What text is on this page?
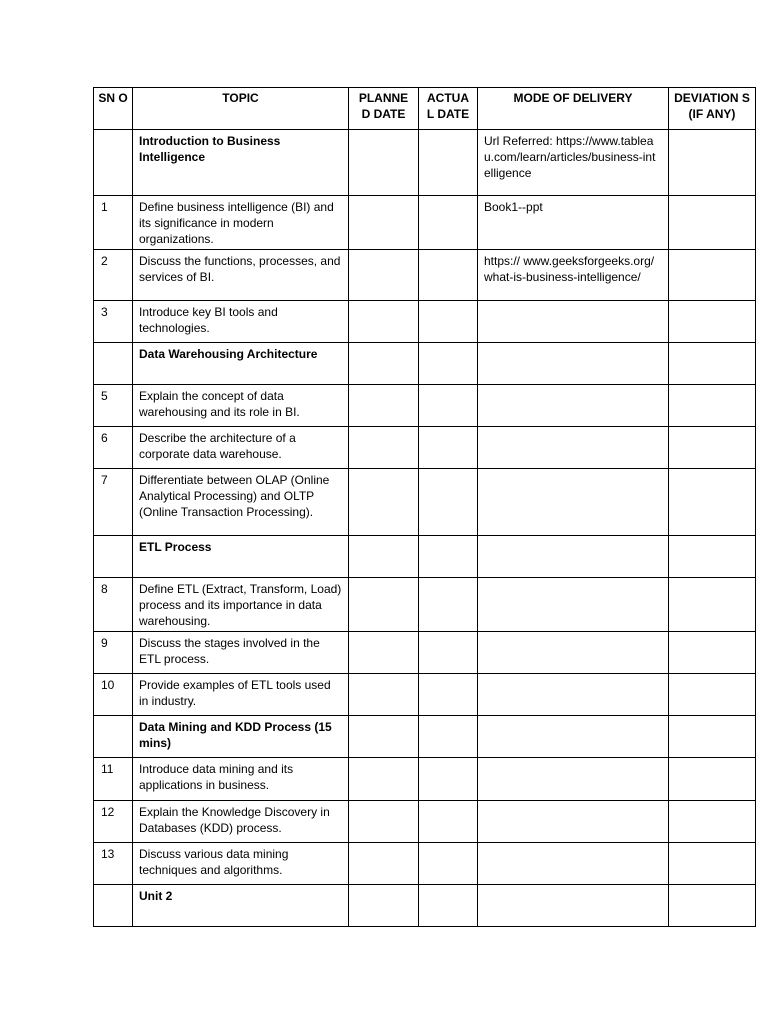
SN O	TOPIC	PLANNE D DATE	ACTUA L DATE	MODE OF DELIVERY	DEVIATION S (IF ANY)
	Introduction to Business Intelligence			Url Referred: https://www.tableau.com/learn/articles/business-intelligence	
1	Define business intelligence (BI) and its significance in modern organizations.			Book1--ppt	
2	Discuss the functions, processes, and services of BI.			https:// www.geeksforgeeks.org/ what-is-business-intelligence/	
3	Introduce key BI tools and technologies.				
	Data Warehousing Architecture				
5	Explain the concept of data warehousing and its role in BI.				
6	Describe the architecture of a corporate data warehouse.				
7	Differentiate between OLAP (Online Analytical Processing) and OLTP (Online Transaction Processing).				
	ETL Process				
8	Define ETL (Extract, Transform, Load) process and its importance in data warehousing.				
9	Discuss the stages involved in the ETL process.				
10	Provide examples of ETL tools used in industry.				
	Data Mining and KDD Process (15 mins)				
11	Introduce data mining and its applications in business.				
12	Explain the Knowledge Discovery in Databases (KDD) process.				
13	Discuss various data mining techniques and algorithms.				
	Unit 2				
